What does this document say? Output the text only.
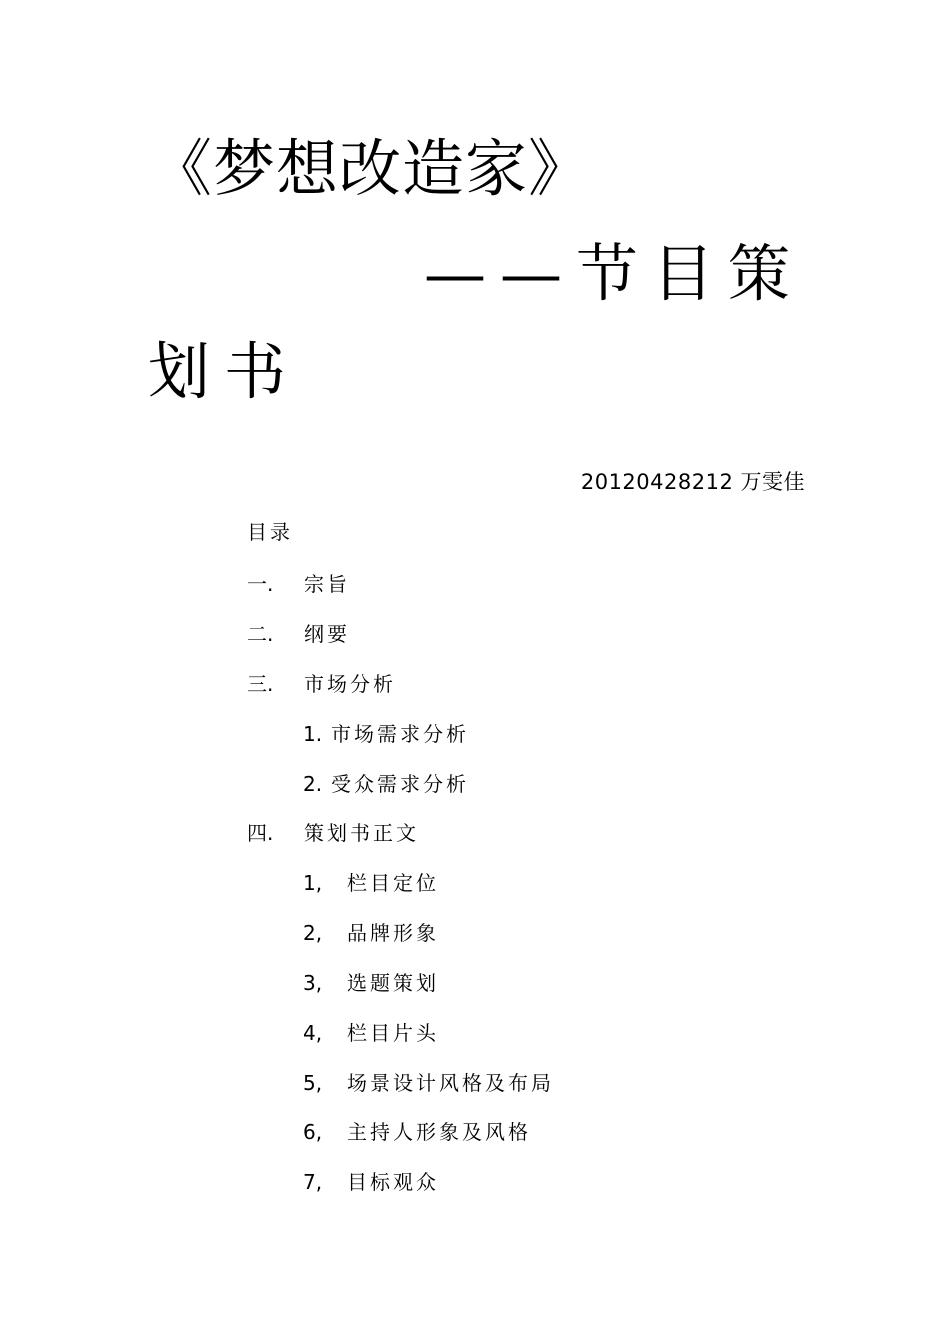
《梦想改造家》
——节目策
划书
20120428212 万雯佳
目录
一. 宗旨
二. 纲要
三. 市场分析
1. 市场需求分析
2. 受众需求分析
四. 策划书正文
1, 栏目定位
2, 品牌形象
3, 选题策划
4, 栏目片头
5, 场景设计风格及布局
6, 主持人形象及风格
7, 目标观众
